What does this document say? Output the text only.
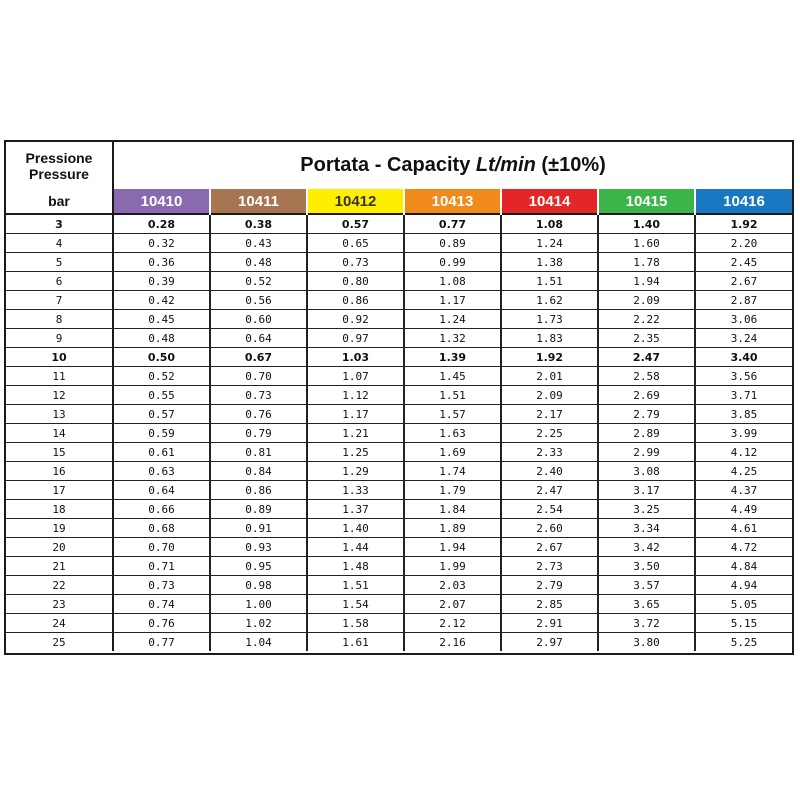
Pressione
Pressure	Portata - Capacity Lt/min (±10%)						
bar	10410	10411	10412	10413	10414	10415	10416
3	0.28	0.38	0.57	0.77	1.08	1.40	1.92
4	0.32	0.43	0.65	0.89	1.24	1.60	2.20
5	0.36	0.48	0.73	0.99	1.38	1.78	2.45
6	0.39	0.52	0.80	1.08	1.51	1.94	2.67
7	0.42	0.56	0.86	1.17	1.62	2.09	2.87
8	0.45	0.60	0.92	1.24	1.73	2.22	3.06
9	0.48	0.64	0.97	1.32	1.83	2.35	3.24
10	0.50	0.67	1.03	1.39	1.92	2.47	3.40
11	0.52	0.70	1.07	1.45	2.01	2.58	3.56
12	0.55	0.73	1.12	1.51	2.09	2.69	3.71
13	0.57	0.76	1.17	1.57	2.17	2.79	3.85
14	0.59	0.79	1.21	1.63	2.25	2.89	3.99
15	0.61	0.81	1.25	1.69	2.33	2.99	4.12
16	0.63	0.84	1.29	1.74	2.40	3.08	4.25
17	0.64	0.86	1.33	1.79	2.47	3.17	4.37
18	0.66	0.89	1.37	1.84	2.54	3.25	4.49
19	0.68	0.91	1.40	1.89	2.60	3.34	4.61
20	0.70	0.93	1.44	1.94	2.67	3.42	4.72
21	0.71	0.95	1.48	1.99	2.73	3.50	4.84
22	0.73	0.98	1.51	2.03	2.79	3.57	4.94
23	0.74	1.00	1.54	2.07	2.85	3.65	5.05
24	0.76	1.02	1.58	2.12	2.91	3.72	5.15
25	0.77	1.04	1.61	2.16	2.97	3.80	5.25
